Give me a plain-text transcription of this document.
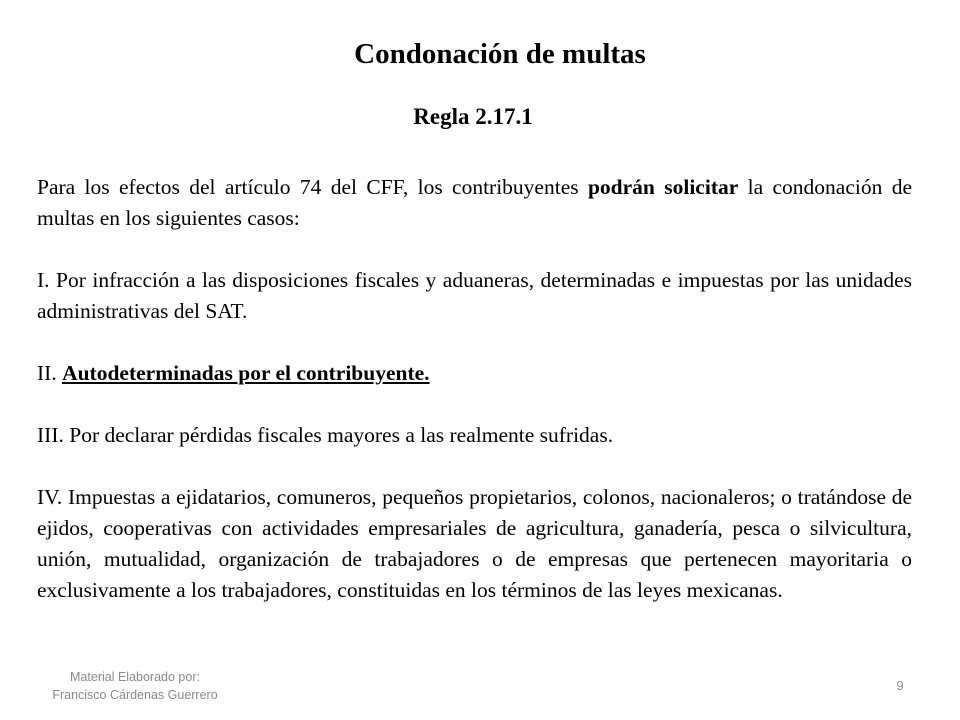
Condonación de multas
Regla 2.17.1

Para los efectos del artículo 74 del CFF, los contribuyentes podrán solicitar la condonación de multas en los siguientes casos:

I. Por infracción a las disposiciones fiscales y aduaneras, determinadas e impuestas por las unidades administrativas del SAT.

II. Autodeterminadas por el contribuyente.

III. Por declarar pérdidas fiscales mayores a las realmente sufridas.

IV. Impuestas a ejidatarios, comuneros, pequeños propietarios, colonos, nacionaleros; o tratándose de ejidos, cooperativas con actividades empresariales de agricultura, ganadería, pesca o silvicultura, unión, mutualidad, organización de trabajadores o de empresas que pertenecen mayoritaria o exclusivamente a los trabajadores, constituidas en los términos de las leyes mexicanas.

Material Elaborado por:
Francisco Cárdenas Guerrero
9
